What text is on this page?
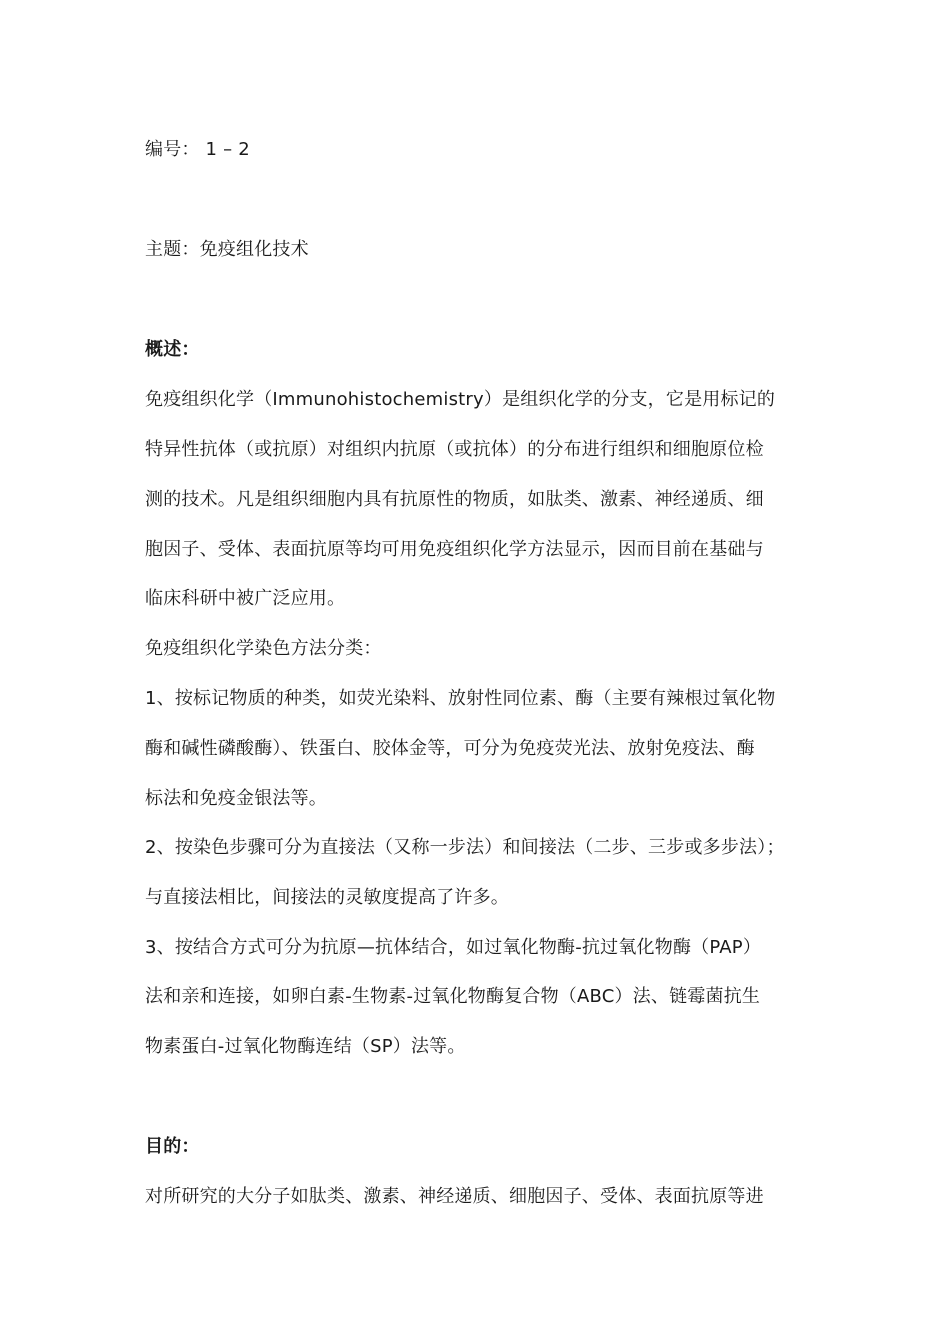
编号： 1 – 2
主题：免疫组化技术
概述：
免疫组织化学（Immunohistochemistry）是组织化学的分支，它是用标记的
特异性抗体（或抗原）对组织内抗原（或抗体）的分布进行组织和细胞原位检
测的技术。凡是组织细胞内具有抗原性的物质，如肽类、激素、神经递质、细
胞因子、受体、表面抗原等均可用免疫组织化学方法显示，因而目前在基础与
临床科研中被广泛应用。
免疫组织化学染色方法分类：
1、按标记物质的种类，如荧光染料、放射性同位素、酶（主要有辣根过氧化物
酶和碱性磷酸酶）、铁蛋白、胶体金等，可分为免疫荧光法、放射免疫法、酶
标法和免疫金银法等。
2、按染色步骤可分为直接法（又称一步法）和间接法（二步、三步或多步法）；
与直接法相比，间接法的灵敏度提高了许多。
3、按结合方式可分为抗原—抗体结合，如过氧化物酶-抗过氧化物酶（PAP）
法和亲和连接，如卵白素-生物素-过氧化物酶复合物（ABC）法、链霉菌抗生
物素蛋白-过氧化物酶连结（SP）法等。
目的：
对所研究的大分子如肽类、激素、神经递质、细胞因子、受体、表面抗原等进
